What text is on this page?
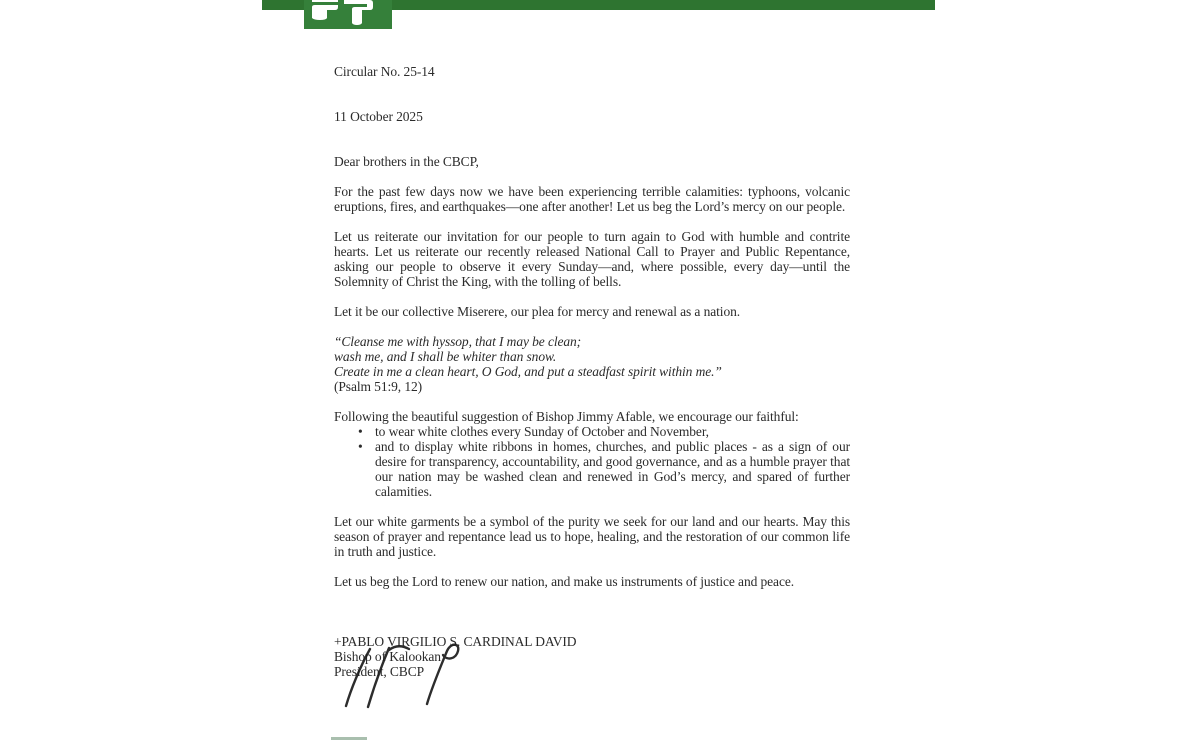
Circular No. 25-14

11 October 2025

Dear brothers in the CBCP,

For the past few days now we have been experiencing terrible calamities: typhoons, volcanic eruptions, fires, and earthquakes—one after another! Let us beg the Lord’s mercy on our people.

Let us reiterate our invitation for our people to turn again to God with humble and contrite hearts. Let us reiterate our recently released National Call to Prayer and Public Repentance, asking our people to observe it every Sunday—and, where possible, every day—until the Solemnity of Christ the King, with the tolling of bells.

Let it be our collective Miserere, our plea for mercy and renewal as a nation.

“Cleanse me with hyssop, that I may be clean;
wash me, and I shall be whiter than snow.
Create in me a clean heart, O God, and put a steadfast spirit within me.”
(Psalm 51:9, 12)
Following the beautiful suggestion of Bishop Jimmy Afable, we encourage our faithful:
• to wear white clothes every Sunday of October and November,
• and to display white ribbons in homes, churches, and public places - as a sign of our desire for transparency, accountability, and good governance, and as a humble prayer that our nation may be washed clean and renewed in God’s mercy, and spared of further calamities.

Let our white garments be a symbol of the purity we seek for our land and our hearts. May this season of prayer and repentance lead us to hope, healing, and the restoration of our common life in truth and justice.

Let us beg the Lord to renew our nation, and make us instruments of justice and peace.

+PABLO VIRGILIO S. CARDINAL DAVID
Bishop of Kalookan
President, CBCP
